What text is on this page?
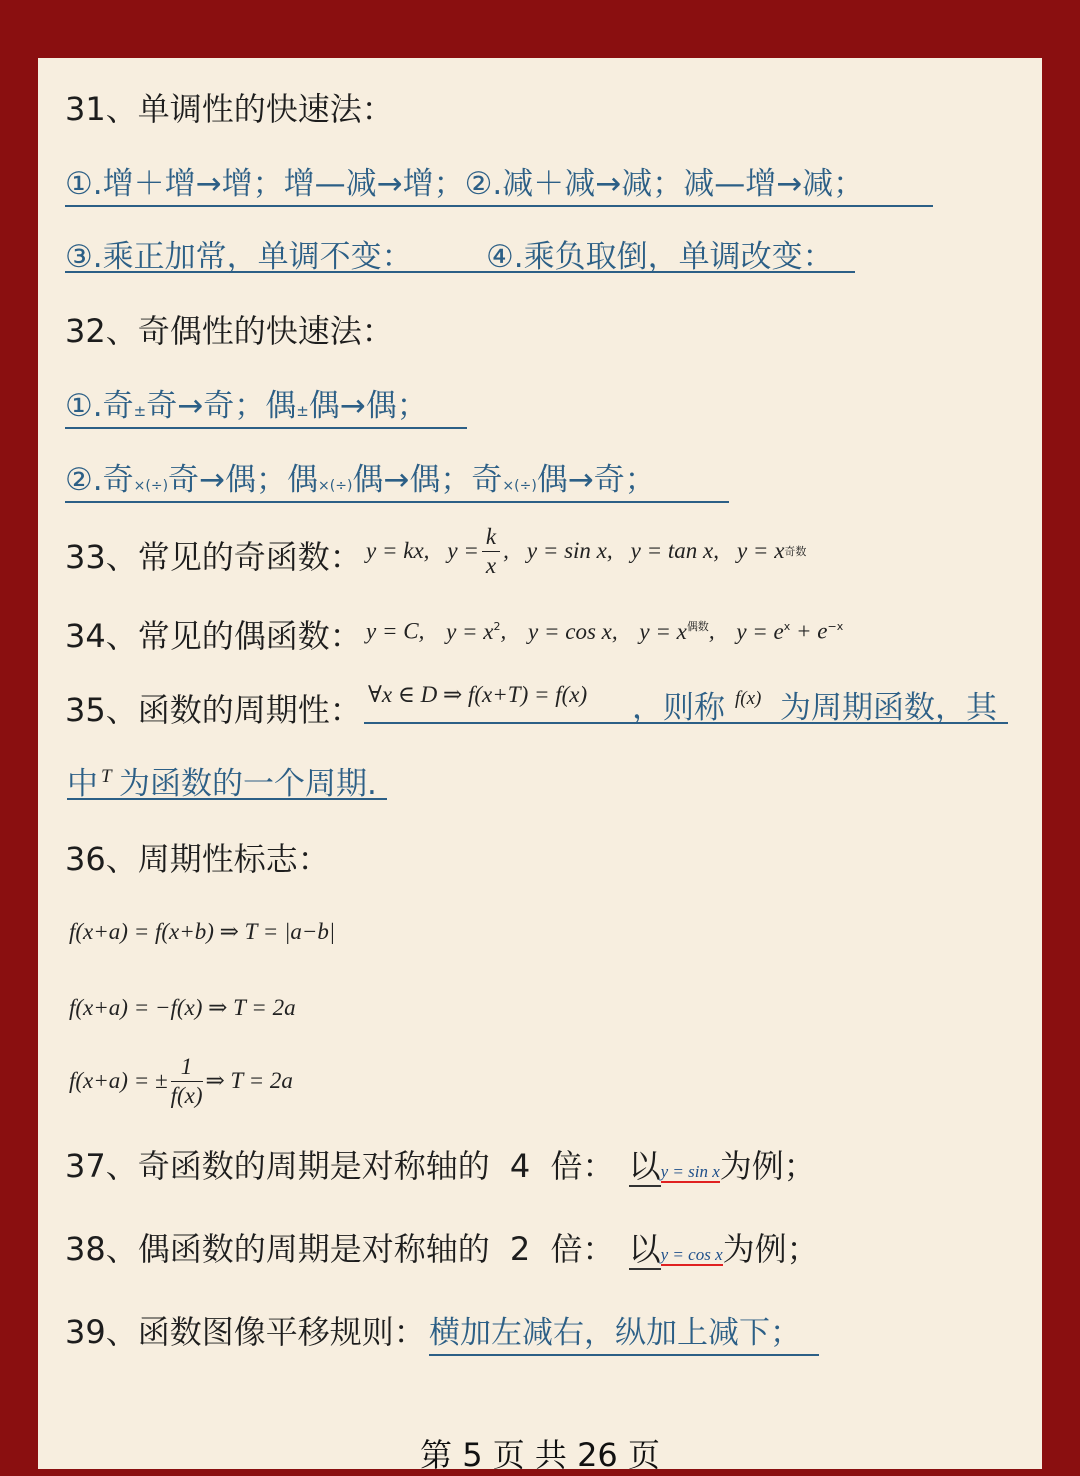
31、单调性的快速法：
①.增＋增→增；增—减→增；②.减＋减→减；减—增→减；
③.乘正加常，单调不变： ④.乘负取倒，单调改变：
32、奇偶性的快速法：
①.奇±奇→奇；偶±偶→偶；
②.奇×(÷)奇→偶；偶×(÷)偶→偶；奇×(÷)偶→奇；
33、常见的奇函数： y = kx, $y = \frac{k}{x}$ , y = sin x, y = tan x, y = x 奇数
34、常见的偶函数： y = C, $y = x^2$, y = cos x, $y = x^{偶数}$, $y = e^x + e^{-x}$
35、函数的周期性： ∀x ∈ D ⇒ f(x+T) = f(x) ，则称 f(x) 为周期函数，其
中 T 为函数的一个周期.
36、周期性标志：
f(x+a) = f(x+b) ⇒ T = |a−b|
f(x+a) = −f(x) ⇒ T = 2a
f(x+a) = ± $\frac{1}{f(x)}$ ⇒ T = 2a
37、奇函数的周期是对称轴的 4 倍： 以y = sin x为例；
38、偶函数的周期是对称轴的 2 倍： 以y = cos x为例；
39、函数图像平移规则： 横加左减右，纵加上减下；
第 5 页 共 26 页
